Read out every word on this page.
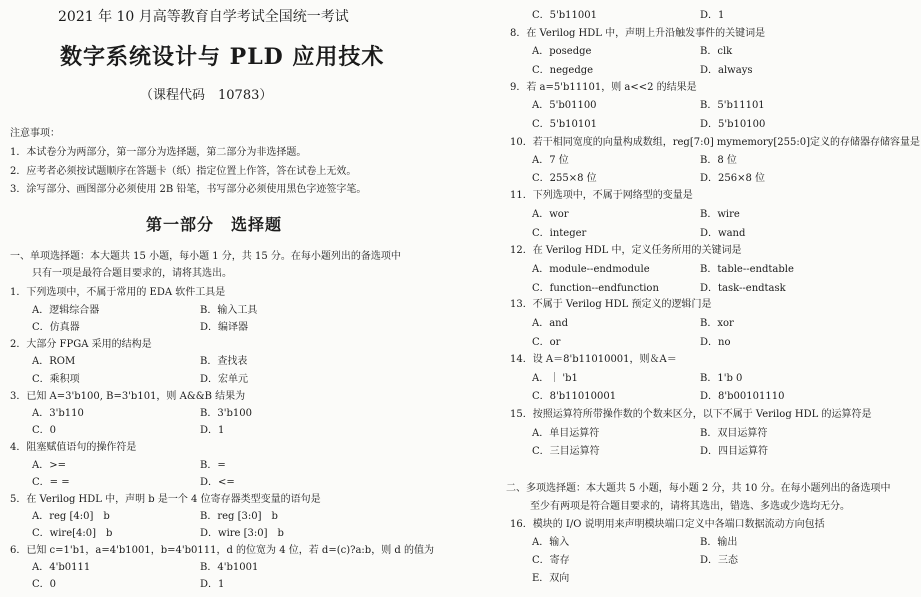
2021 年 10 月高等教育自学考试全国统一考试
数字系统设计与 PLD 应用技术
（课程代码　10783）
注意事项：
1．本试卷分为两部分，第一部分为选择题，第二部分为非选择题。
2．应考者必须按试题顺序在答题卡（纸）指定位置上作答，答在试卷上无效。
3．涂写部分、画图部分必须使用 2B 铅笔，书写部分必须使用黑色字迹签字笔。
第一部分　选择题
一、单项选择题：本大题共 15 小题，每小题 1 分，共 15 分。在每小题列出的备选项中
只有一项是最符合题目要求的，请将其选出。
1．下列选项中，不属于常用的 EDA 软件工具是
A．逻辑综合器	B．输入工具
C．仿真器	D．编译器
2．大部分 FPGA 采用的结构是
A．ROM	B．查找表
C．乘积项	D．宏单元
3．已知 A=3'b100, B=3'b101，则 A&&B 结果为
A．3'b110	B．3'b100
C．0	D．1
4．阻塞赋值语句的操作符是
A．>=	B．=
C．= =	D．<=
5．在 Verilog HDL 中，声明 b 是一个 4 位寄存器类型变量的语句是
A．reg [4:0]　b	B．reg [3:0]　b
C．wire[4:0]　b	D．wire [3:0]　b
6．已知 c=1'b1，a=4'b1001，b=4'b0111，d 的位宽为 4 位，若 d=(c)?a:b，则 d 的值为
A．4'b0111	B．4'b1001
C．0	D．1
C．5'b11001	D．1
8．在 Verilog HDL 中，声明上升沿触发事件的关键词是
A．posedge	B．clk
C．negedge	D．always
9．若 a=5'b11101，则 a<<2 的结果是
A．5'b01100	B．5'b11101
C．5'b10101	D．5'b10100
10．若干相同宽度的向量构成数组，reg[7:0] mymemory[255:0]定义的存储器存储容量是
A．7 位	B．8 位
C．255×8 位	D．256×8 位
11．下列选项中，不属于网络型的变量是
A．wor	B．wire
C．integer	D．wand
12．在 Verilog HDL 中，定义任务所用的关键词是
A．module--endmodule	B．table--endtable
C．function--endfunction	D．task--endtask
13．不属于 Verilog HDL 预定义的逻辑门是
A．and	B．xor
C．or	D．no
14．设 A＝8'b11010001，则＆A＝
A．｜ 'b1	B．1'b 0
C．8'b11010001	D．8'b00101110
15．按照运算符所带操作数的个数来区分，以下不属于 Verilog HDL 的运算符是
A．单目运算符	B．双目运算符
C．三目运算符	D．四目运算符
二、多项选择题：本大题共 5 小题，每小题 2 分，共 10 分。在每小题列出的备选项中
至少有两项是符合题目要求的，请将其选出，错选、多选或少选均无分。
16．模块的 I/O 说明用来声明模块端口定义中各端口数据流动方向包括
A．输入	B．输出
C．寄存	D．三态
E．双向
